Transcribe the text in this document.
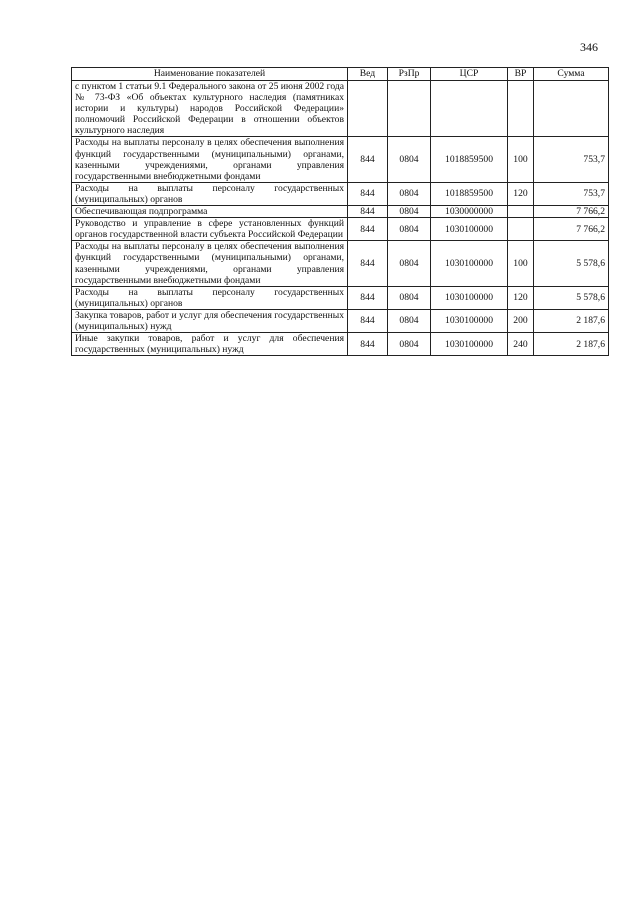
346
Наименование показателей	Вед	РзПр	ЦСР	ВР	Сумма
с пунктом 1 статьи 9.1 Федерального закона от 25 июня 2002 года № 73-ФЗ «Об объектах культурного наследия (памятниках истории и культуры) народов Российской Федерации» полномочий Российской Федерации в отношении объектов культурного наследия					
Расходы на выплаты персоналу в целях обеспечения выполнения функций государственными (муниципальными) органами, казенными учреждениями, органами управления государственными внебюджетными фондами	844	0804	1018859500	100	753,7
Расходы на выплаты персоналу государственных (муниципальных) органов	844	0804	1018859500	120	753,7
Обеспечивающая подпрограмма	844	0804	1030000000		7 766,2
Руководство и управление в сфере установленных функций органов государственной власти субъекта Российской Федерации	844	0804	1030100000		7 766,2
Расходы на выплаты персоналу в целях обеспечения выполнения функций государственными (муниципальными) органами, казенными учреждениями, органами управления государственными внебюджетными фондами	844	0804	1030100000	100	5 578,6
Расходы на выплаты персоналу государственных (муниципальных) органов	844	0804	1030100000	120	5 578,6
Закупка товаров, работ и услуг для обеспечения государственных (муниципальных) нужд	844	0804	1030100000	200	2 187,6
Иные закупки товаров, работ и услуг для обеспечения государственных (муниципальных) нужд	844	0804	1030100000	240	2 187,6
